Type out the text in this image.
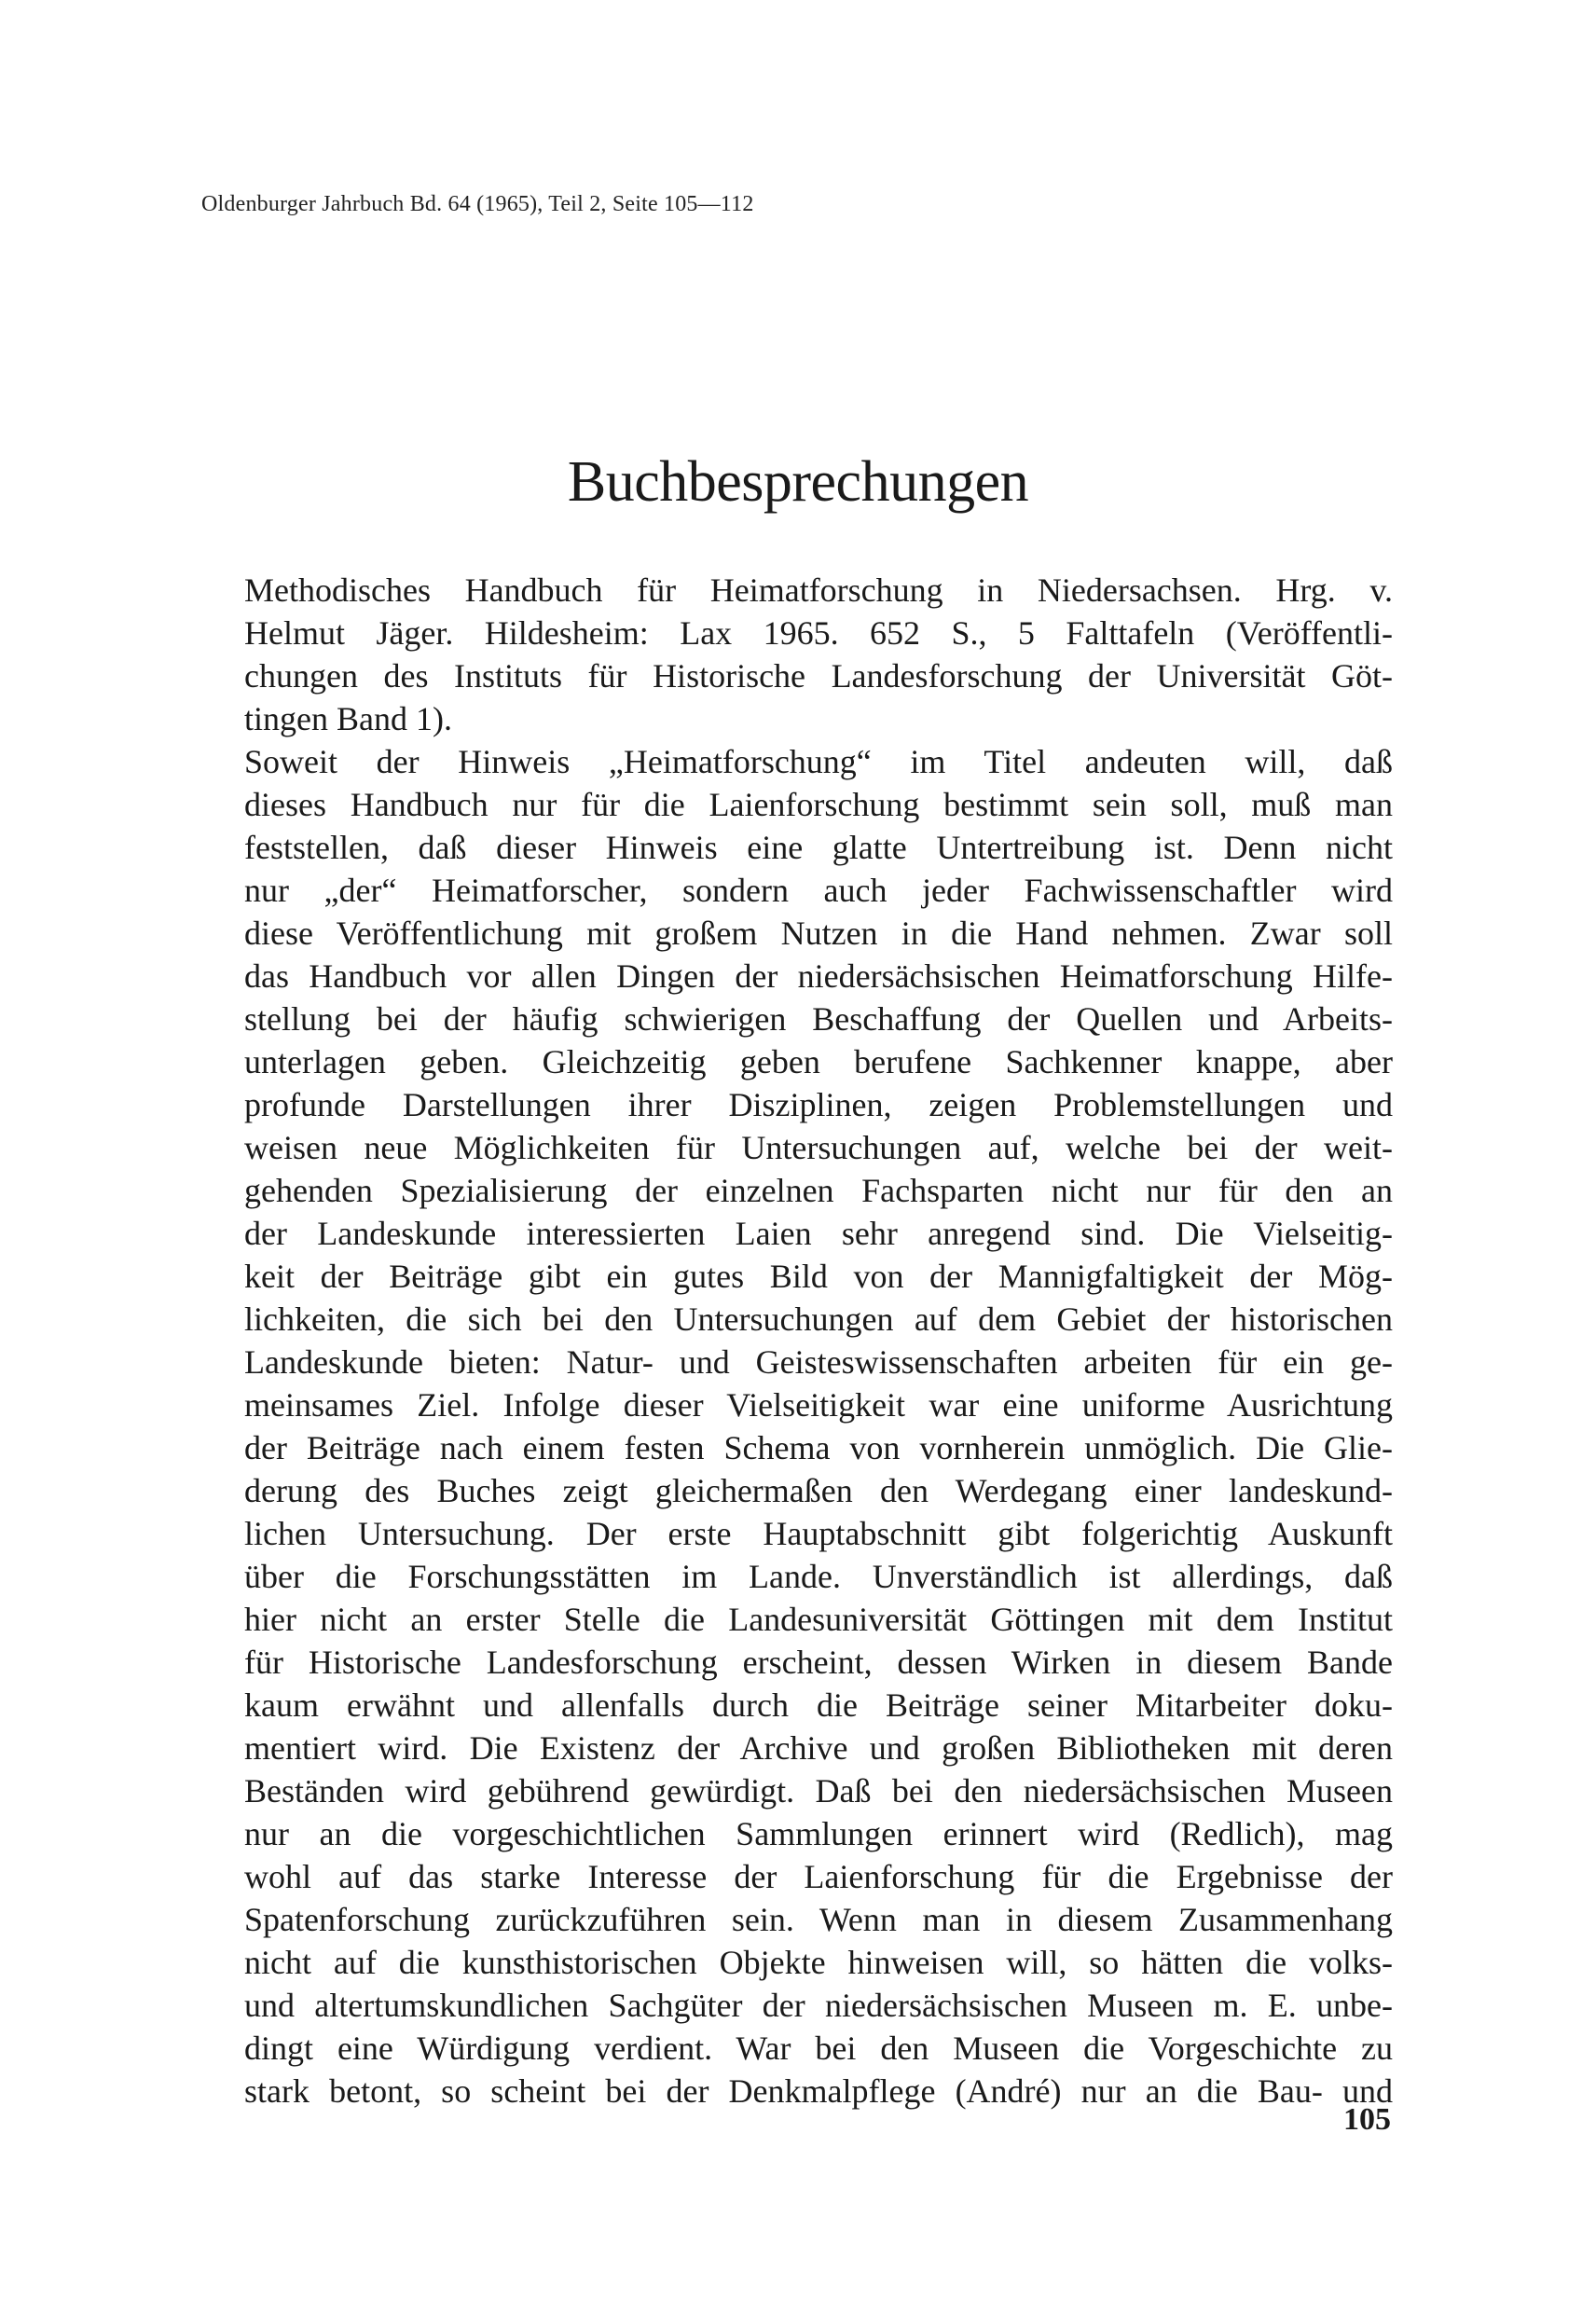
Oldenburger Jahrbuch Bd. 64 (1965), Teil 2, Seite 105—112
Buchbesprechungen
Methodisches Handbuch für Heimatforschung in Niedersachsen. Hrg. v.
Helmut Jäger. Hildesheim: Lax 1965. 652 S., 5 Falttafeln (Veröffentli-
chungen des Instituts für Historische Landesforschung der Universität Göt-
tingen Band 1).
Soweit der Hinweis „Heimatforschung“ im Titel andeuten will, daß
dieses Handbuch nur für die Laienforschung bestimmt sein soll, muß man
feststellen, daß dieser Hinweis eine glatte Untertreibung ist. Denn nicht
nur „der“ Heimatforscher, sondern auch jeder Fachwissenschaftler wird
diese Veröffentlichung mit großem Nutzen in die Hand nehmen. Zwar soll
das Handbuch vor allen Dingen der niedersächsischen Heimatforschung Hilfe-
stellung bei der häufig schwierigen Beschaffung der Quellen und Arbeits-
unterlagen geben. Gleichzeitig geben berufene Sachkenner knappe, aber
profunde Darstellungen ihrer Disziplinen, zeigen Problemstellungen und
weisen neue Möglichkeiten für Untersuchungen auf, welche bei der weit-
gehenden Spezialisierung der einzelnen Fachsparten nicht nur für den an
der Landeskunde interessierten Laien sehr anregend sind. Die Vielseitig-
keit der Beiträge gibt ein gutes Bild von der Mannigfaltigkeit der Mög-
lichkeiten, die sich bei den Untersuchungen auf dem Gebiet der historischen
Landeskunde bieten: Natur- und Geisteswissenschaften arbeiten für ein ge-
meinsames Ziel. Infolge dieser Vielseitigkeit war eine uniforme Ausrichtung
der Beiträge nach einem festen Schema von vornherein unmöglich. Die Glie-
derung des Buches zeigt gleichermaßen den Werdegang einer landeskund-
lichen Untersuchung. Der erste Hauptabschnitt gibt folgerichtig Auskunft
über die Forschungsstätten im Lande. Unverständlich ist allerdings, daß
hier nicht an erster Stelle die Landesuniversität Göttingen mit dem Institut
für Historische Landesforschung erscheint, dessen Wirken in diesem Bande
kaum erwähnt und allenfalls durch die Beiträge seiner Mitarbeiter doku-
mentiert wird. Die Existenz der Archive und großen Bibliotheken mit deren
Beständen wird gebührend gewürdigt. Daß bei den niedersächsischen Museen
nur an die vorgeschichtlichen Sammlungen erinnert wird (Redlich), mag
wohl auf das starke Interesse der Laienforschung für die Ergebnisse der
Spatenforschung zurückzuführen sein. Wenn man in diesem Zusammenhang
nicht auf die kunsthistorischen Objekte hinweisen will, so hätten die volks-
und altertumskundlichen Sachgüter der niedersächsischen Museen m. E. unbe-
dingt eine Würdigung verdient. War bei den Museen die Vorgeschichte zu
stark betont, so scheint bei der Denkmalpflege (André) nur an die Bau- und
105
